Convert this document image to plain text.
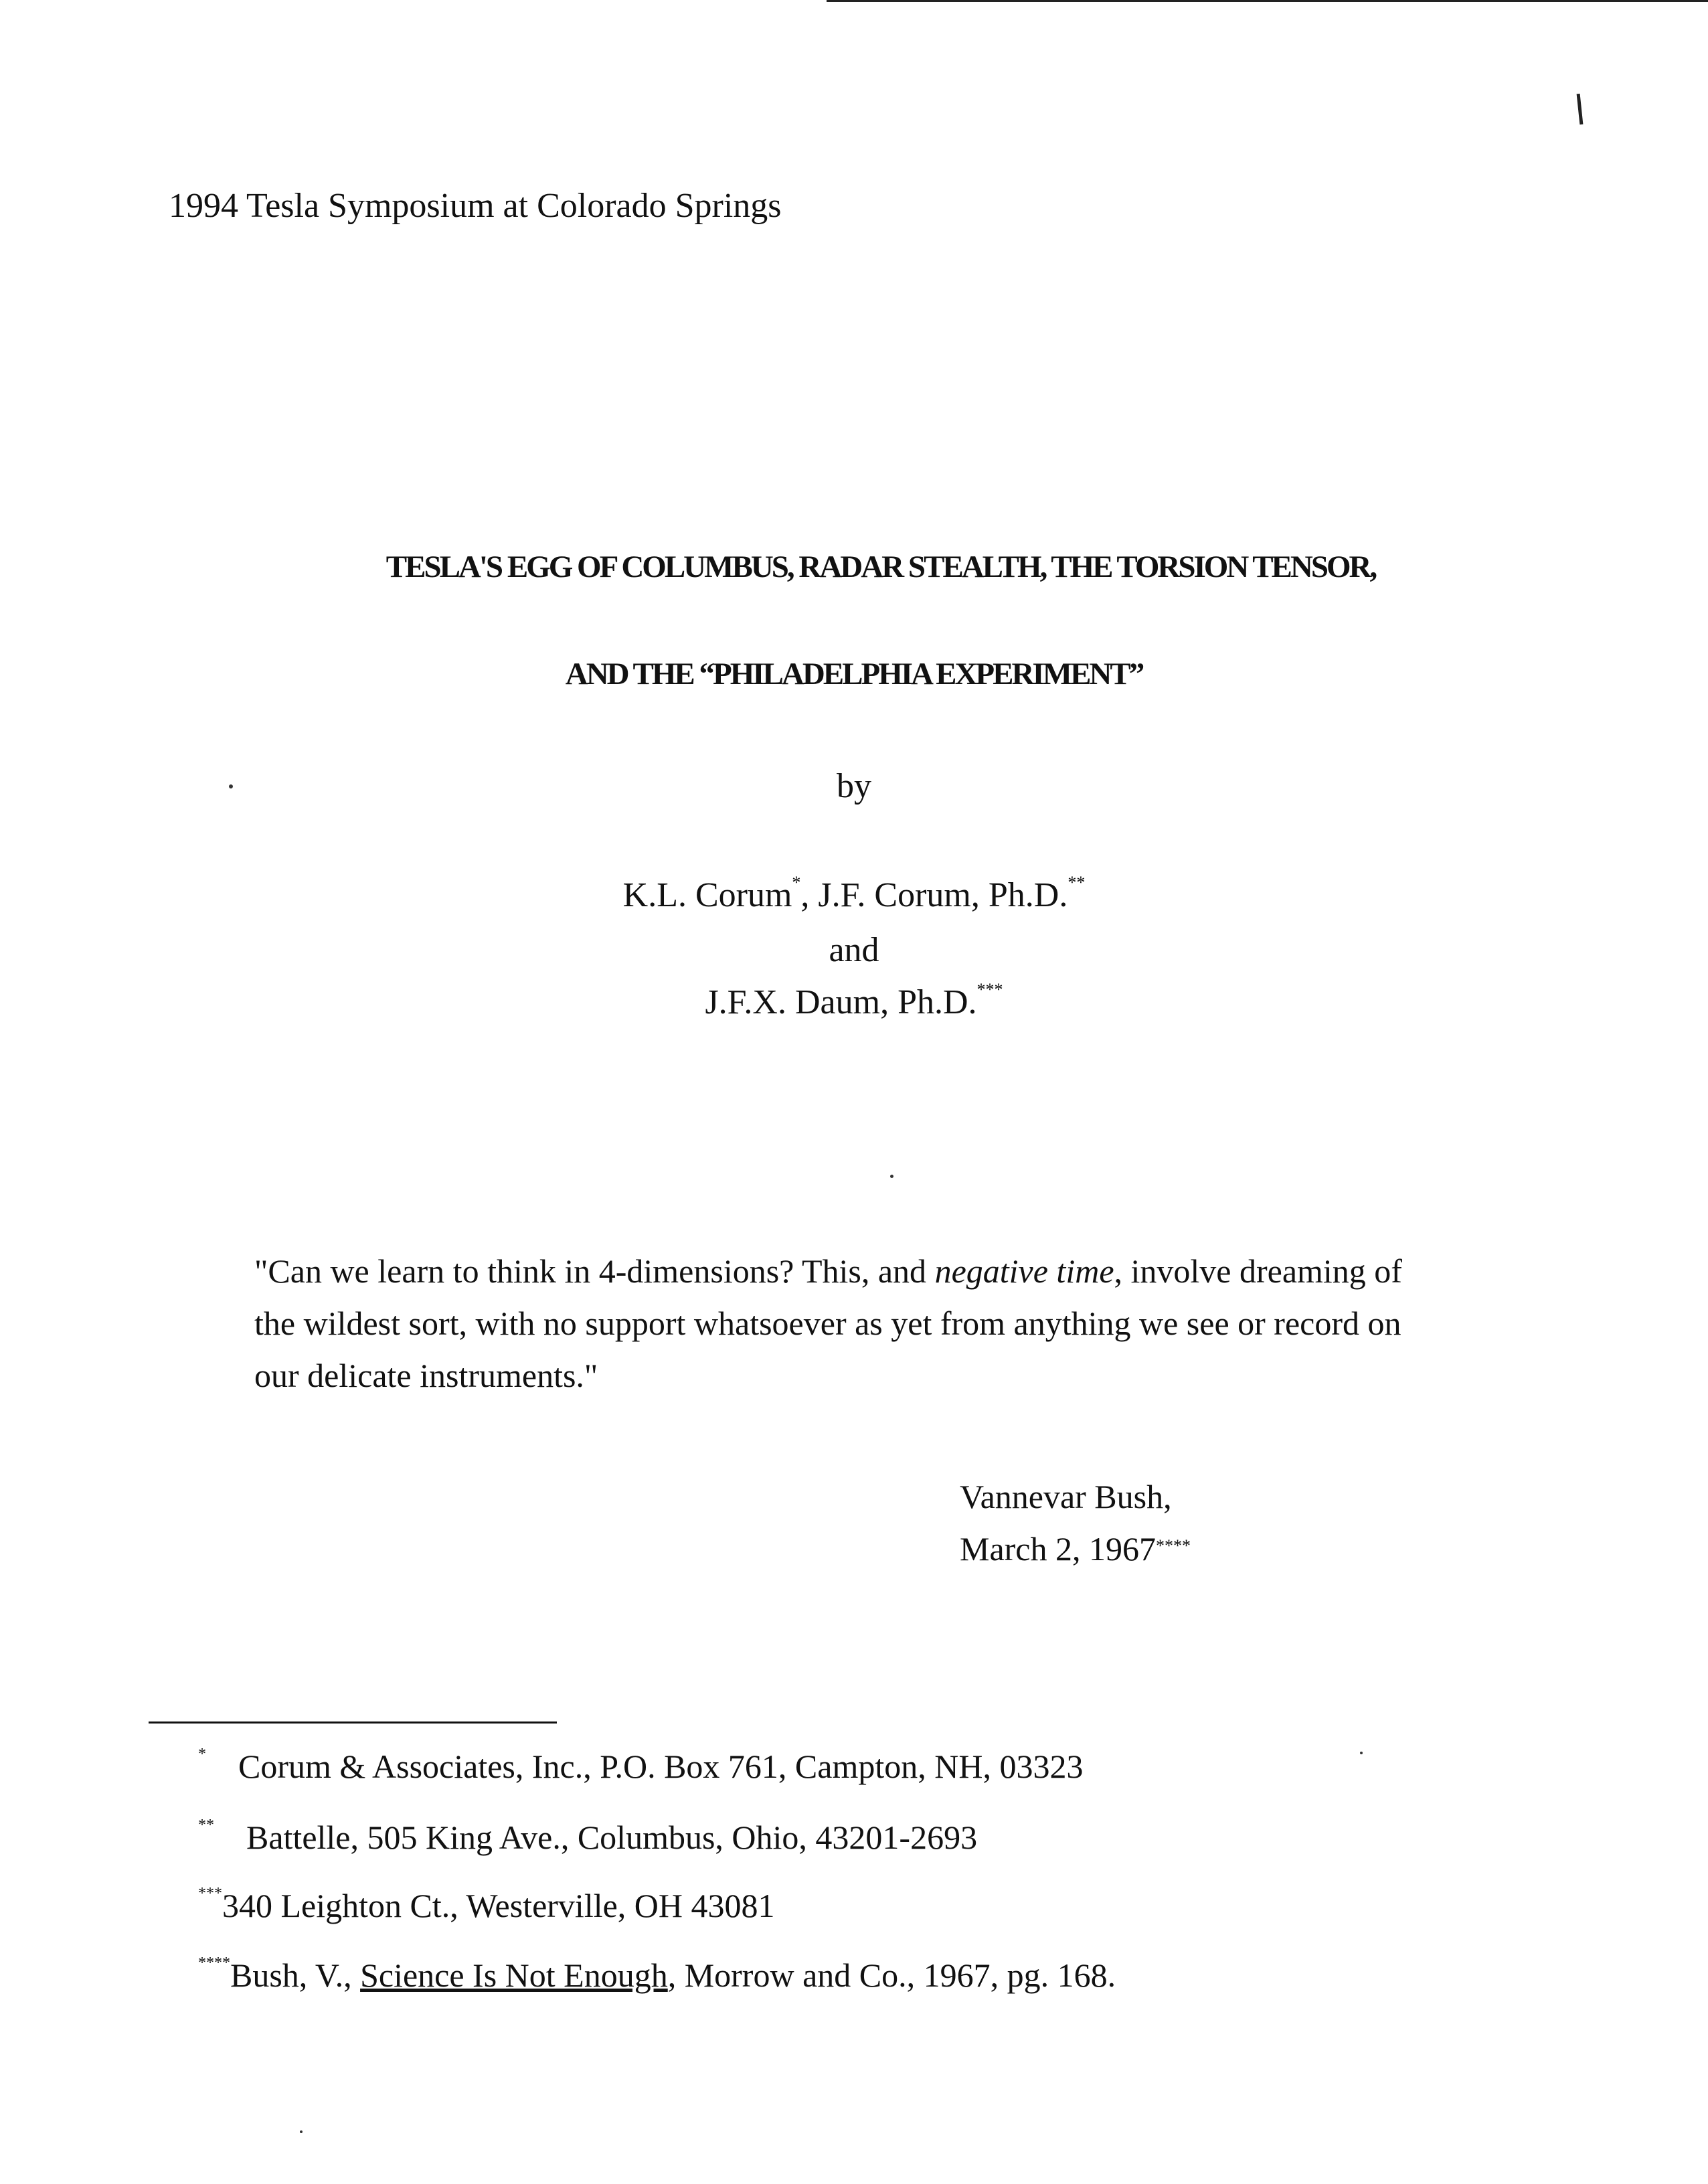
1994 Tesla Symposium at Colorado Springs
TESLA'S EGG OF COLUMBUS, RADAR STEALTH, THE TORSION TENSOR,
AND THE “PHILADELPHIA EXPERIMENT”
by
K.L. Corum*, J.F. Corum, Ph.D.**
and
J.F.X. Daum, Ph.D.***
"Can we learn to think in 4-dimensions? This, and negative time, involve dreaming of
the wildest sort, with no support whatsoever as yet from anything we see or record on
our delicate instruments."
Vannevar Bush,
March 2, 1967****
* Corum & Associates, Inc., P.O. Box 761, Campton, NH, 03323
** Battelle, 505 King Ave., Columbus, Ohio, 43201-2693
***340 Leighton Ct., Westerville, OH 43081
****Bush, V., Science Is Not Enough, Morrow and Co., 1967, pg. 168.
